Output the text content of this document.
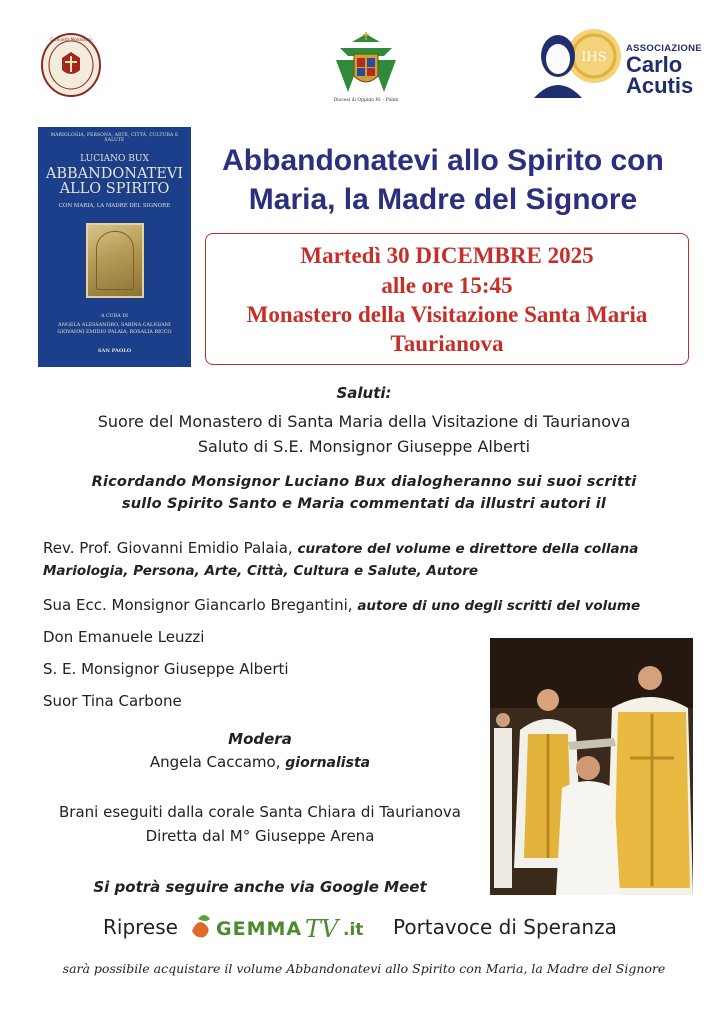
Comunità Monastero
Diocesi di Oppido M. - Palmi
IHS
ASSOCIAZIONE
Carlo
Acutis
MARIOLOGIA, PERSONA, ARTE, CITTÀ, CULTURA E SALUTE
LUCIANO BUX
ABBANDONATEVI
ALLO SPIRITO
CON MARIA, LA MADRE DEL SIGNORE
A CURA DI
ANGELA ALESSANDRO, SABINA CALIGIANI
GIOVANNI EMIDIO PALAIA, ROSALIA RICCO
SAN PAOLO
Abbandonatevi allo Spirito con
Maria, la Madre del Signore
Martedì 30 DICEMBRE 2025
alle ore 15:45
Monastero della Visitazione Santa Maria
Taurianova
Saluti:
Suore del Monastero di Santa Maria della Visitazione di Taurianova
Saluto di S.E. Monsignor Giuseppe Alberti
Ricordando Monsignor Luciano Bux dialogheranno sui suoi scritti
sullo Spirito Santo e Maria commentati da illustri autori il
Rev. Prof. Giovanni Emidio Palaia, curatore del volume e direttore della collana
Mariologia, Persona, Arte, Città, Cultura e Salute, Autore
Sua Ecc. Monsignor Giancarlo Bregantini, autore di uno degli scritti del volume
Don Emanuele Leuzzi
S. E. Monsignor Giuseppe Alberti
Suor Tina Carbone
Modera
Angela Caccamo, giornalista
Brani eseguiti dalla corale Santa Chiara di Taurianova
Diretta dal M° Giuseppe Arena
Si potrà seguire anche via Google Meet
Riprese GEMMA TV .it Portavoce di Speranza
sarà possibile acquistare il volume Abbandonatevi allo Spirito con Maria, la Madre del Signore
